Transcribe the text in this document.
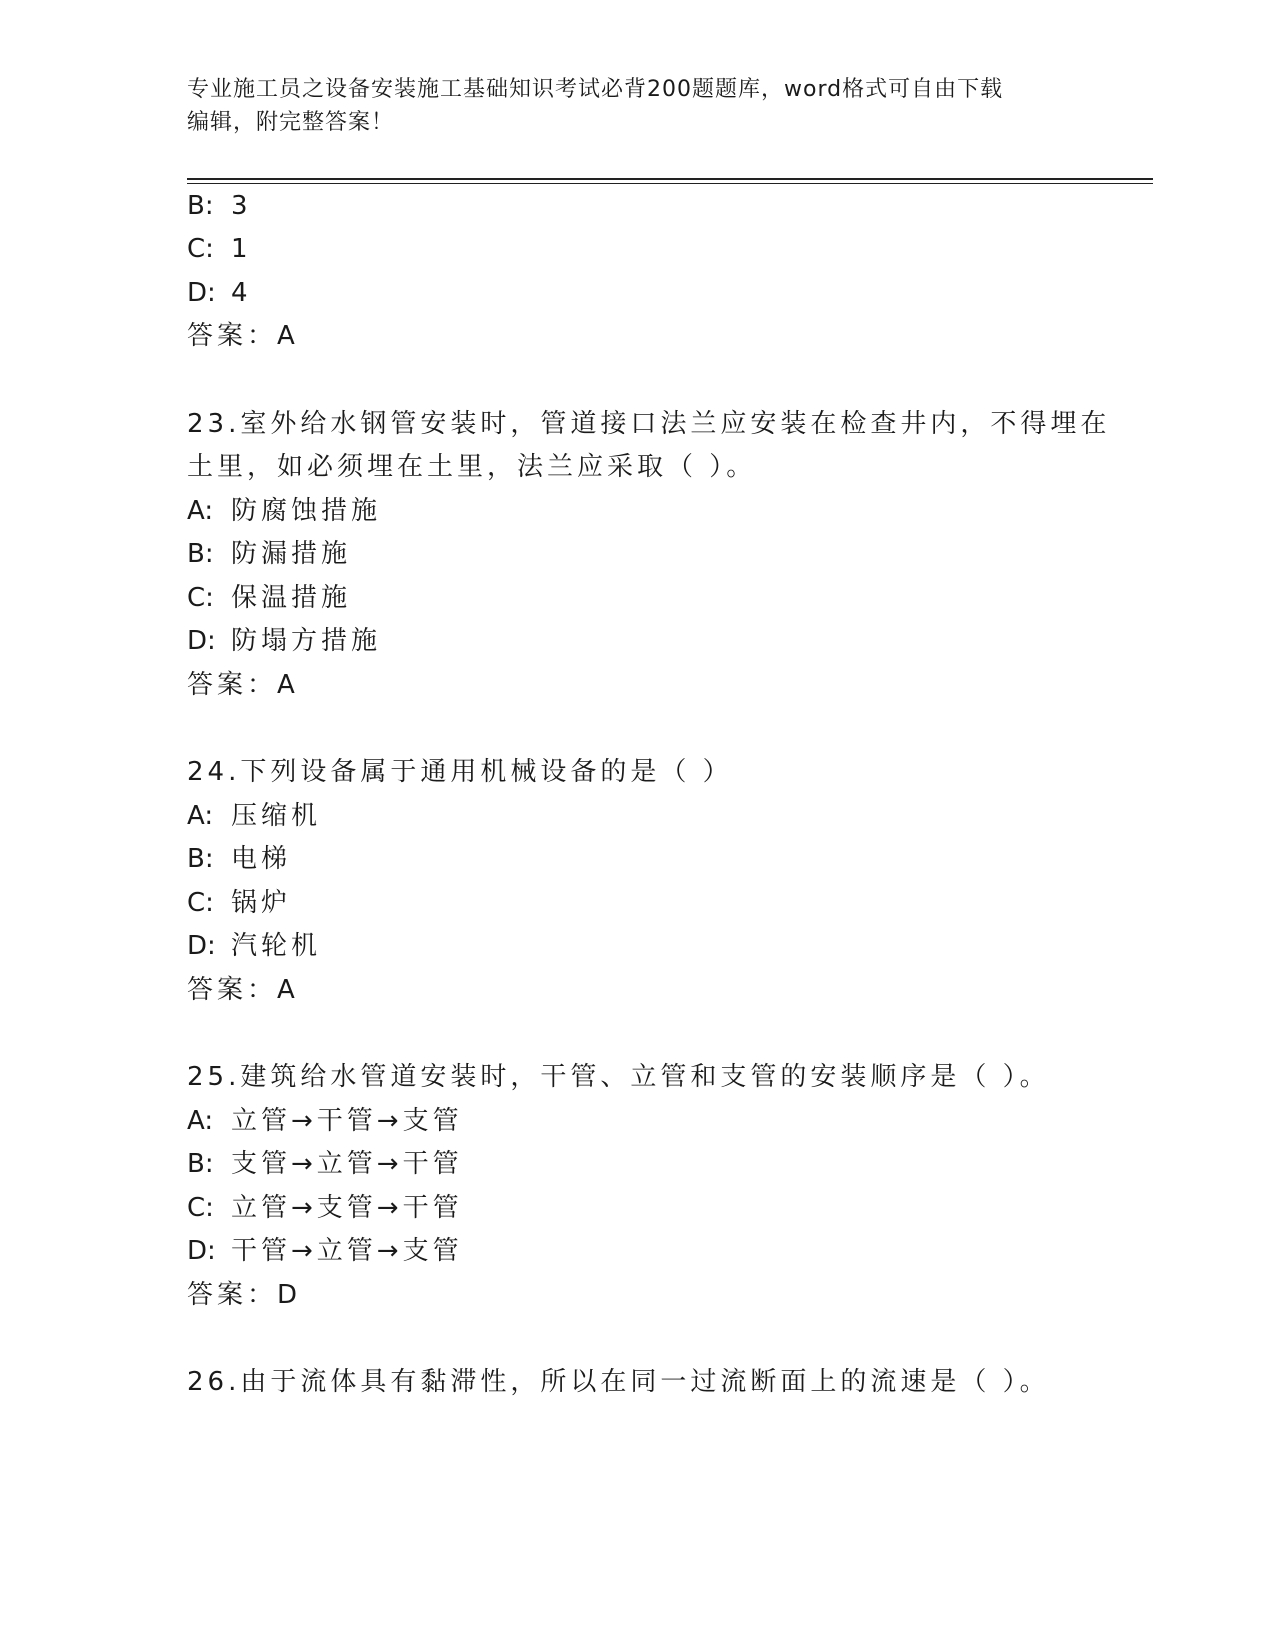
专业施工员之设备安装施工基础知识考试必背200题题库，word格式可自由下载
编辑，附完整答案！
B: 3
C: 1
D: 4
答案：A
23.室外给水钢管安装时，管道接口法兰应安装在检查井内，不得埋在
土里，如必须埋在土里，法兰应采取（ ）。
A: 防腐蚀措施
B: 防漏措施
C: 保温措施
D: 防塌方措施
答案：A
24.下列设备属于通用机械设备的是（ ）
A: 压缩机
B: 电梯
C: 锅炉
D: 汽轮机
答案：A
25.建筑给水管道安装时，干管、立管和支管的安装顺序是（ ）。
A: 立管→干管→支管
B: 支管→立管→干管
C: 立管→支管→干管
D: 干管→立管→支管
答案：D
26.由于流体具有黏滞性，所以在同一过流断面上的流速是（ ）。
